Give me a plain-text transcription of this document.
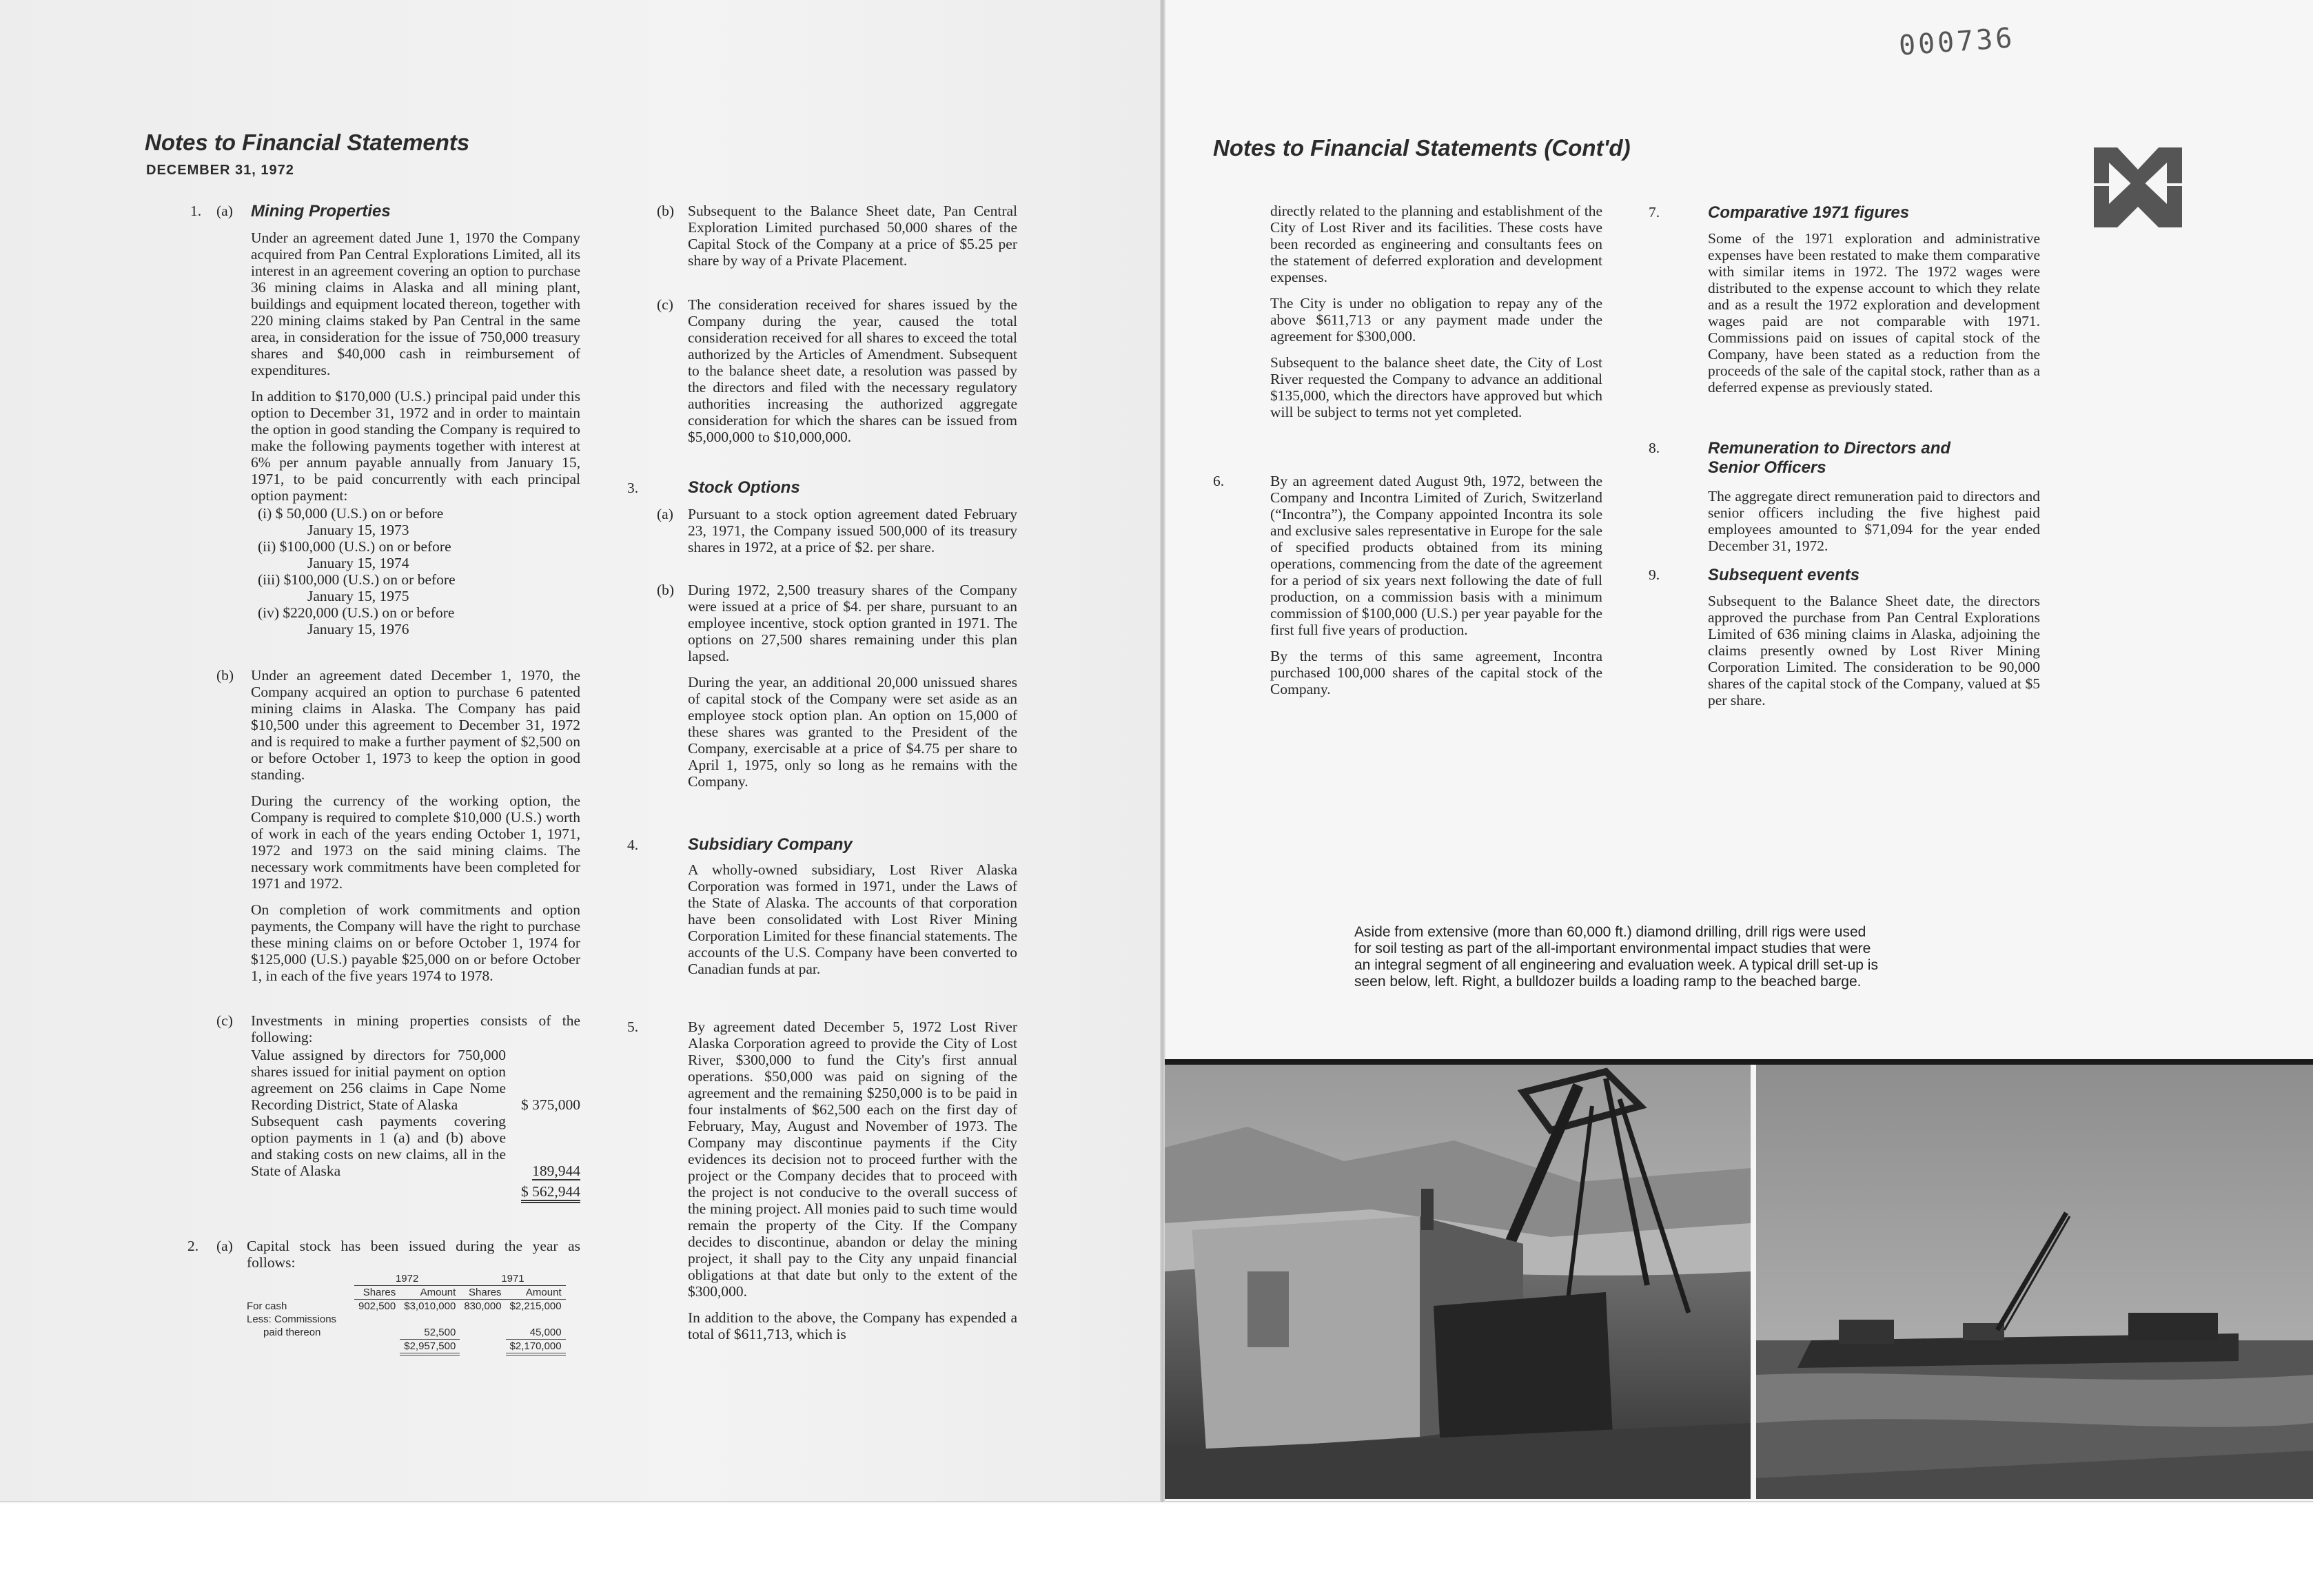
Notes to Financial Statements
DECEMBER 31, 1972
1. (a) Mining Properties

Under an agreement dated June 1, 1970 the Company acquired from Pan Central Explorations Limited, all its interest in an agreement covering an option to purchase 36 mining claims in Alaska and all mining plant, buildings and equipment located thereon, together with 220 mining claims staked by Pan Central in the same area, in consideration for the issue of 750,000 treasury shares and $40,000 cash in reimbursement of expenditures.

In addition to $170,000 (U.S.) principal paid under this option to December 31, 1972 and in order to maintain the option in good standing the Company is required to make the following payments together with interest at 6% per annum payable annually from January 15, 1971, to be paid concurrently with each principal option payment:

(i) $ 50,000 (U.S.) on or before
January 15, 1973
(ii) $100,000 (U.S.) on or before
January 15, 1974
(iii) $100,000 (U.S.) on or before
January 15, 1975
(iv) $220,000 (U.S.) on or before
January 15, 1976
(b) Under an agreement dated December 1, 1970, the Company acquired an option to purchase 6 patented mining claims in Alaska. The Company has paid $10,500 under this agreement to December 31, 1972 and is required to make a further payment of $2,500 on or before October 1, 1973 to keep the option in good standing.

During the currency of the working option, the Company is required to complete $10,000 (U.S.) worth of work in each of the years ending October 1, 1971, 1972 and 1973 on the said mining claims. The necessary work commitments have been completed for 1971 and 1972.

On completion of work commitments and option payments, the Company will have the right to purchase these mining claims on or before October 1, 1974 for $125,000 (U.S.) payable $25,000 on or before October 1, in each of the five years 1974 to 1978.

(c) Investments in mining properties consists of the following:

Value assigned by directors for 750,000 shares issued for initial payment on option agreement on 256 claims in Cape Nome Recording District, State of Alaska	$ 375,000
Subsequent cash payments covering option payments in 1 (a) and (b) above and staking costs on new claims, all in the State of Alaska	189,944
$ 562,944
2. (a) Capital stock has been issued during the year as follows:
	1972		1971	
	Shares	Amount	Shares	Amount
For cash	902,500	$3,010,000	830,000	$2,215,000
Less: Commissions				
paid thereon		52,500		45,000
		$2,957,500		$2,170,000
(b) Subsequent to the Balance Sheet date, Pan Central Exploration Limited purchased 50,000 shares of the Capital Stock of the Company at a price of $5.25 per share by way of a Private Placement.
(c) The consideration received for shares issued by the Company during the year, caused the total consideration received for all shares to exceed the total authorized by the Articles of Amendment. Subsequent to the balance sheet date, a resolution was passed by the directors and filed with the necessary regulatory authorities increasing the authorized aggregate consideration for which the shares can be issued from $5,000,000 to $10,000,000.
3.	Stock Options
(a) Pursuant to a stock option agreement dated February 23, 1971, the Company issued 500,000 of its treasury shares in 1972, at a price of $2. per share.
(b) During 1972, 2,500 treasury shares of the Company were issued at a price of $4. per share, pursuant to an employee incentive, stock option granted in 1971. The options on 27,500 shares remaining under this plan lapsed.

During the year, an additional 20,000 unissued shares of capital stock of the Company were set aside as an employee stock option plan. An option on 15,000 of these shares was granted to the President of the Company, exercisable at a price of $4.75 per share to April 1, 1975, only so long as he remains with the Company.

4.	Subsidiary Company
A wholly-owned subsidiary, Lost River Alaska Corporation was formed in 1971, under the Laws of the State of Alaska. The accounts of that corporation have been consolidated with Lost River Mining Corporation Limited for these financial statements. The accounts of the U.S. Company have been converted to Canadian funds at par.
5.	By agreement dated December 5, 1972 Lost River Alaska Corporation agreed to provide the City of Lost River, $300,000 to fund the City's first annual operations. $50,000 was paid on signing of the agreement and the remaining $250,000 is to be paid in four instalments of $62,500 each on the first day of February, May, August and November of 1973. The Company may discontinue payments if the City evidences its decision not to proceed further with the project or the Company decides that to proceed with the project is not conducive to the overall success of the mining project. All monies paid to such time would remain the property of the City. If the Company decides to discontinue, abandon or delay the mining project, it shall pay to the City any unpaid financial obligations at that date but only to the extent of the $300,000.

In addition to the above, the Company has expended a total of $611,713, which is

000736
Notes to Financial Statements (Cont'd)

directly related to the planning and establishment of the City of Lost River and its facilities. These costs have been recorded as engineering and consultants fees on the statement of deferred exploration and development expenses.

The City is under no obligation to repay any of the above $611,713 or any payment made under the agreement for $300,000.

Subsequent to the balance sheet date, the City of Lost River requested the Company to advance an additional $135,000, which the directors have approved but which will be subject to terms not yet completed.

6.	By an agreement dated August 9th, 1972, between the Company and Incontra Limited of Zurich, Switzerland (“Incontra”), the Company appointed Incontra its sole and exclusive sales representative in Europe for the sale of specified products obtained from its mining operations, commencing from the date of the agreement for a period of six years next following the date of full production, on a commission basis with a minimum commission of $100,000 (U.S.) per year payable for the first full five years of production.

By the terms of this same agreement, Incontra purchased 100,000 shares of the capital stock of the Company.

7.	Comparative 1971 figures
Some of the 1971 exploration and administrative expenses have been restated to make them comparative with similar items in 1972. The 1972 wages were distributed to the expense account to which they relate and as a result the 1972 exploration and development wages paid are not comparable with 1971. Commissions paid on issues of capital stock of the Company, have been stated as a reduction from the proceeds of the sale of the capital stock, rather than as a deferred expense as previously stated.
8.	Remuneration to Directors and
Senior Officers
The aggregate direct remuneration paid to directors and senior officers including the five highest paid employees amounted to $71,094 for the year ended December 31, 1972.
9.	Subsequent events
Subsequent to the Balance Sheet date, the directors approved the purchase from Pan Central Explorations Limited of 636 mining claims in Alaska, adjoining the claims presently owned by Lost River Mining Corporation Limited. The consideration to be 90,000 shares of the capital stock of the Company, valued at $5 per share.
Aside from extensive (more than 60,000 ft.) diamond drilling, drill rigs were used for soil testing as part of the all-important environmental impact studies that were an integral segment of all engineering and evaluation week. A typical drill set-up is seen below, left. Right, a bulldozer builds a loading ramp to the beached barge.
